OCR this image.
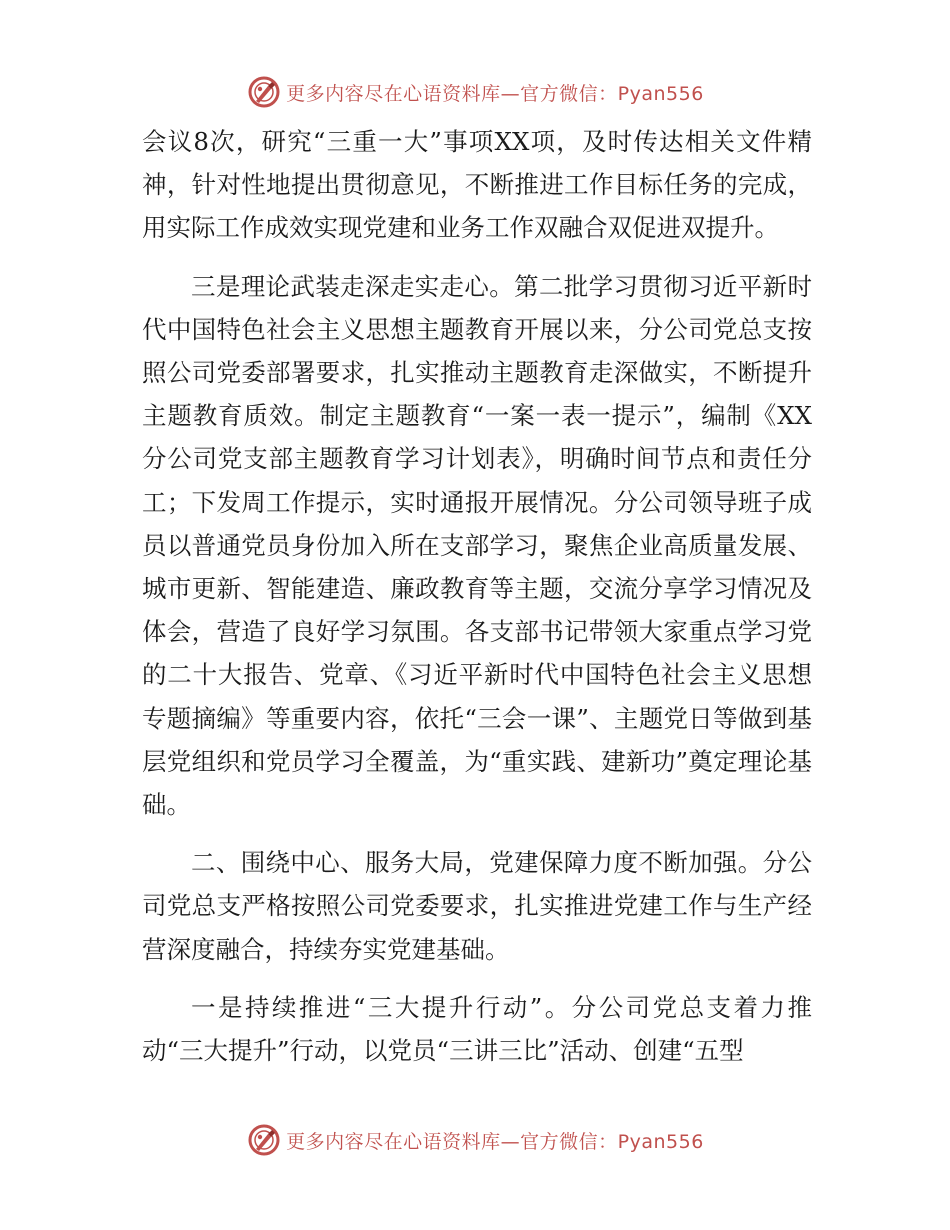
更多内容尽在心语资料库—官方微信：Pyan556

会议8次，研究“三重一大”事项XX项，及时传达相关文件精神，针对性地提出贯彻意见，不断推进工作目标任务的完成，用实际工作成效实现党建和业务工作双融合双促进双提升。

三是理论武装走深走实走心。第二批学习贯彻习近平新时代中国特色社会主义思想主题教育开展以来，分公司党总支按照公司党委部署要求，扎实推动主题教育走深做实，不断提升主题教育质效。制定主题教育“一案一表一提示”，编制《XX分公司党支部主题教育学习计划表》，明确时间节点和责任分工；下发周工作提示，实时通报开展情况。分公司领导班子成员以普通党员身份加入所在支部学习，聚焦企业高质量发展、城市更新、智能建造、廉政教育等主题，交流分享学习情况及体会，营造了良好学习氛围。各支部书记带领大家重点学习党的二十大报告、党章、《习近平新时代中国特色社会主义思想专题摘编》等重要内容，依托“三会一课”、主题党日等做到基层党组织和党员学习全覆盖，为“重实践、建新功”奠定理论基础。

二、围绕中心、服务大局，党建保障力度不断加强。分公司党总支严格按照公司党委要求，扎实推进党建工作与生产经营深度融合，持续夯实党建基础。

一是持续推进“三大提升行动”。分公司党总支着力推动“三大提升”行动，以党员“三讲三比”活动、创建“五型

更多内容尽在心语资料库—官方微信：Pyan556
